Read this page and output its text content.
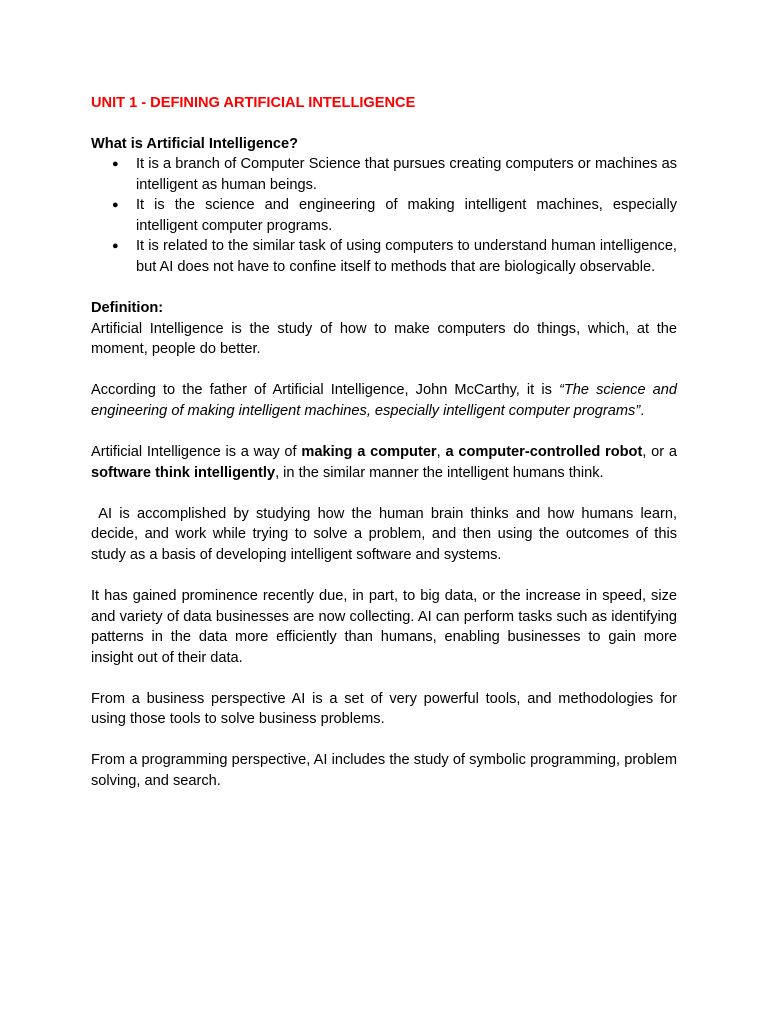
UNIT 1 - DEFINING ARTIFICIAL INTELLIGENCE
What is Artificial Intelligence?
● It is a branch of Computer Science that pursues creating computers or machines as intelligent as human beings.
● It is the science and engineering of making intelligent machines, especially intelligent computer programs.
● It is related to the similar task of using computers to understand human intelligence, but AI does not have to confine itself to methods that are biologically observable.
Definition:

Artificial Intelligence is the study of how to make computers do things, which, at the moment, people do better.

According to the father of Artificial Intelligence, John McCarthy, it is “The science and engineering of making intelligent machines, especially intelligent computer programs”.

Artificial Intelligence is a way of making a computer, a computer-controlled robot, or a software think intelligently, in the similar manner the intelligent humans think.

AI is accomplished by studying how the human brain thinks and how humans learn, decide, and work while trying to solve a problem, and then using the outcomes of this study as a basis of developing intelligent software and systems.

It has gained prominence recently due, in part, to big data, or the increase in speed, size and variety of data businesses are now collecting. AI can perform tasks such as identifying patterns in the data more efficiently than humans, enabling businesses to gain more insight out of their data.

From a business perspective AI is a set of very powerful tools, and methodologies for using those tools to solve business problems.

From a programming perspective, AI includes the study of symbolic programming, problem solving, and search.
